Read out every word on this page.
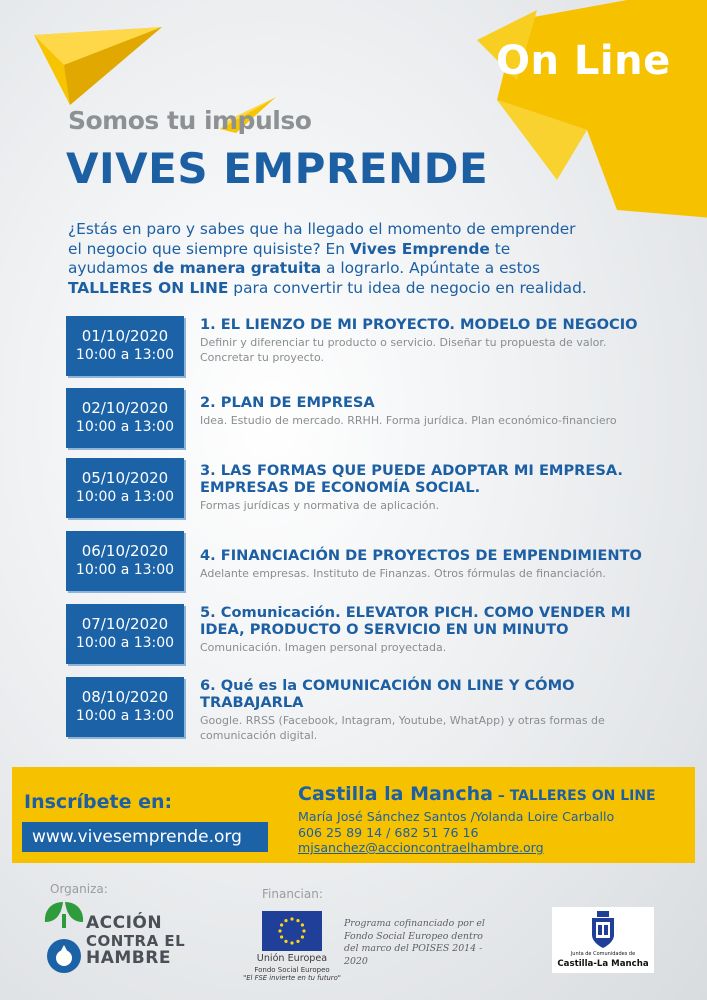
On Line
Somos tu impulso
VIVES EMPRENDE

¿Estás en paro y sabes que ha llegado el momento de emprender el negocio que siempre quisiste? En Vives Emprende te ayudamos de manera gratuita a lograrlo. Apúntate a estos TALLERES ON LINE para convertir tu idea de negocio en realidad.

01/10/2020
10:00 a 13:00
1. EL LIENZO DE MI PROYECTO. MODELO DE NEGOCIO
Definir y diferenciar tu producto o servicio. Diseñar tu propuesta de valor. Concretar tu proyecto.
02/10/2020
10:00 a 13:00
2. PLAN DE EMPRESA
Idea. Estudio de mercado. RRHH. Forma jurídica. Plan económico-financiero
05/10/2020
10:00 a 13:00
3. LAS FORMAS QUE PUEDE ADOPTAR MI EMPRESA. EMPRESAS DE ECONOMÍA SOCIAL.
Formas jurídicas y normativa de aplicación.
06/10/2020
10:00 a 13:00
4. FINANCIACIÓN DE PROYECTOS DE EMPENDIMIENTO
Adelante empresas. Instituto de Finanzas. Otros fórmulas de financiación.
07/10/2020
10:00 a 13:00
5. Comunicación. ELEVATOR PICH. COMO VENDER MI IDEA, PRODUCTO O SERVICIO EN UN MINUTO
Comunicación. Imagen personal proyectada.
08/10/2020
10:00 a 13:00
6. Qué es la COMUNICACIÓN ON LINE Y CÓMO TRABAJARLA
Google. RRSS (Facebook, Intagram, Youtube, WhatApp) y otras formas de comunicación digital.
Inscríbete en:
www.vivesemprende.org
Castilla la Mancha – TALLERES ON LINE
María José Sánchez Santos /Yolanda Loire Carballo
606 25 89 14 / 682 51 76 16
mjsanchez@accioncontraelhambre.org
Organiza:	Financian:
ACCIÓN
CONTRA EL
HAMBRE	Unión Europea
Fondo Social Europeo
"El FSE invierte en tu futuro"
Programa cofinanciado por el Fondo Social Europeo dentro del marco del POISES 2014 - 2020
Junta de Comunidades de
Castilla-La Mancha
